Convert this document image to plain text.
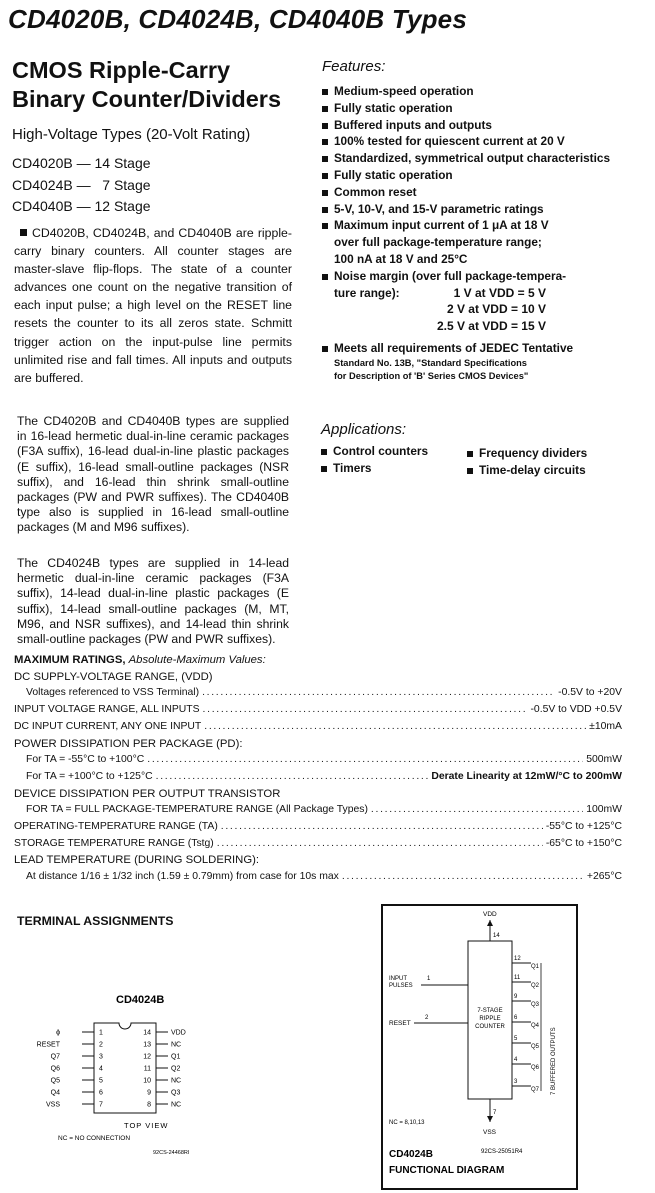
CD4020B, CD4024B, CD4040B Types
CMOS Ripple-Carry
Binary Counter/Dividers
High-Voltage Types (20-Volt Rating)
CD4020B — 14 Stage
CD4024B —   7 Stage
CD4040B — 12 Stage
CD4020B, CD4024B, and CD4040B are ripple-carry binary counters. All counter stages are master-slave flip-flops. The state of a counter advances one count on the negative transition of each input pulse; a high level on the RESET line resets the counter to its all zeros state. Schmitt trigger action on the input-pulse line permits unlimited rise and fall times. All inputs and outputs are buffered.
The CD4020B and CD4040B types are supplied in 16-lead hermetic dual-in-line ceramic packages (F3A suffix), 16-lead dual-in-line plastic packages (E suffix), 16-lead small-outline packages (NSR suffix), and 16-lead thin shrink small-outline packages (PW and PWR suffixes). The CD4040B type also is supplied in 16-lead small-outline packages (M and M96 suffixes).
The CD4024B types are supplied in 14-lead hermetic dual-in-line ceramic packages (F3A suffix), 14-lead dual-in-line plastic packages (E suffix), 14-lead small-outline packages (M, MT, M96, and NSR suffixes), and 14-lead thin shrink small-outline packages (PW and PWR suffixes).
Features:
Medium-speed operation
Fully static operation
Buffered inputs and outputs
100% tested for quiescent current at 20 V
Standardized, symmetrical output characteristics
Fully static operation
Common reset
5-V, 10-V, and 15-V parametric ratings
Maximum input current of 1 μA at 18 V
over full package-temperature range;
100 nA at 18 V and 25°C
Noise margin (over full package-tempera-
ture range):	1 V at VDD = 5 V
2 V at VDD = 10 V
2.5 V at VDD = 15 V
Meets all requirements of JEDEC Tentative
Standard No. 13B, "Standard Specifications
for Description of 'B' Series CMOS Devices"
Applications:
Control counters
Timers
Frequency dividers
Time-delay circuits
MAXIMUM RATINGS, Absolute-Maximum Values:
DC SUPPLY-VOLTAGE RANGE, (VDD)
Voltages referenced to VSS Terminal) . . .	-0.5V to +20V
INPUT VOLTAGE RANGE, ALL INPUTS . . .	-0.5V to VDD +0.5V
DC INPUT CURRENT, ANY ONE INPUT . . .	±10mA
POWER DISSIPATION PER PACKAGE (PD):
For TA = -55°C to +100°C . . .	500mW
For TA = +100°C to +125°C . . .	Derate Linearity at 12mW/°C to 200mW
DEVICE DISSIPATION PER OUTPUT TRANSISTOR
FOR TA = FULL PACKAGE-TEMPERATURE RANGE (All Package Types) . . .	100mW
OPERATING-TEMPERATURE RANGE (TA) . . .	-55°C to +125°C
STORAGE TEMPERATURE RANGE (Tstg) . . .	-65°C to +150°C
LEAD TEMPERATURE (DURING SOLDERING):
At distance 1/16 ± 1/32 inch (1.59 ± 0.79mm) from case for 10s max . . .	+265°C
TERMINAL ASSIGNMENTS
CD4024B
ϕ	1	14	VDD
RESET	2	13	NC
Q7	3	12	Q1
Q6	4	11	Q2
Q5	5	10	NC
Q4	6	9	Q3
VSS	7	8	NC
TOP VIEW
NC = NO CONNECTION
92CS-24468RI
VDD
14
7-STAGE
RIPPLE
COUNTER
INPUT
PULSES
1
RESET
2
12
Q1
11
Q2
9
Q3
6
Q4
5
Q5
4
Q6
3
Q7 7 BUFFERED OUTPUTS
7
VSS
NC = 8,10,13
92CS-25051R4
CD4024B
FUNCTIONAL DIAGRAM
